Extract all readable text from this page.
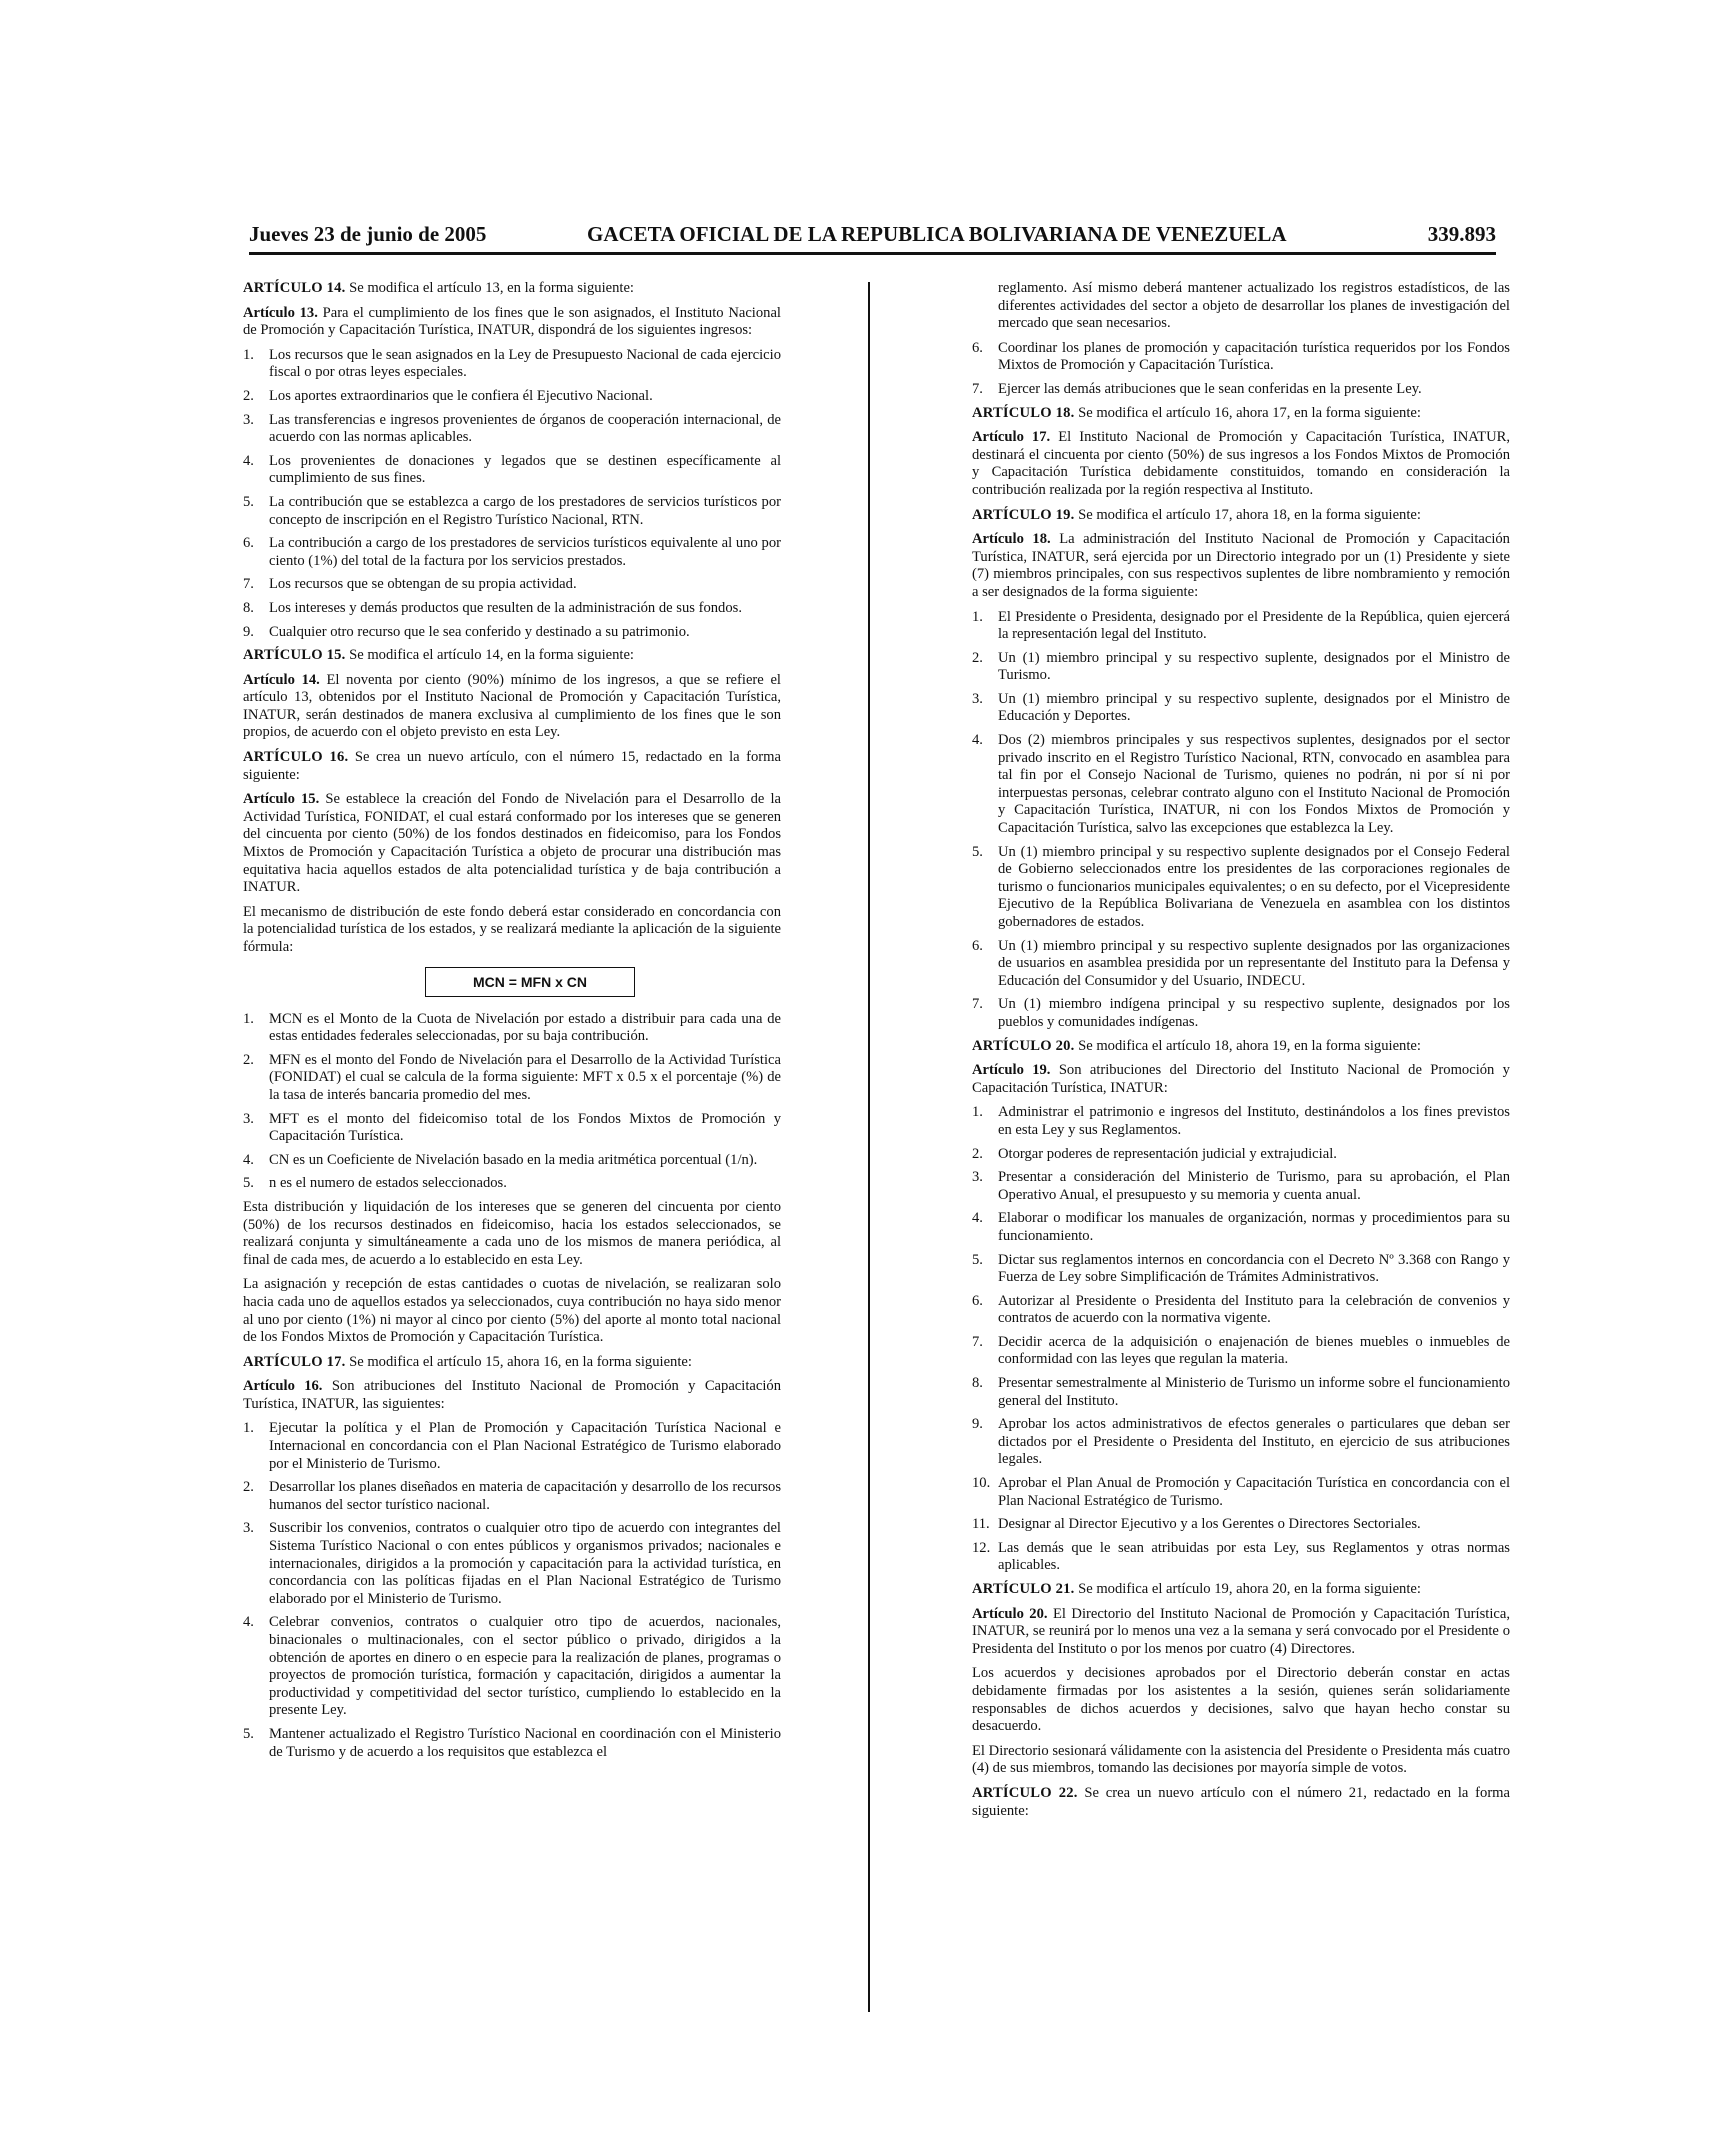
Jueves 23 de junio de 2005	GACETA OFICIAL DE LA REPUBLICA BOLIVARIANA DE VENEZUELA	339.893

ARTÍCULO 14. Se modifica el artículo 13, en la forma siguiente:

Artículo 13. Para el cumplimiento de los fines que le son asignados, el Instituto Nacional de Promoción y Capacitación Turística, INATUR, dispondrá de los siguientes ingresos:

1. Los recursos que le sean asignados en la Ley de Presupuesto Nacional de cada ejercicio fiscal o por otras leyes especiales.
2. Los aportes extraordinarios que le confiera él Ejecutivo Nacional.
3. Las transferencias e ingresos provenientes de órganos de cooperación internacional, de acuerdo con las normas aplicables.
4. Los provenientes de donaciones y legados que se destinen específicamente al cumplimiento de sus fines.
5. La contribución que se establezca a cargo de los prestadores de servicios turísticos por concepto de inscripción en el Registro Turístico Nacional, RTN.
6. La contribución a cargo de los prestadores de servicios turísticos equivalente al uno por ciento (1%) del total de la factura por los servicios prestados.
7. Los recursos que se obtengan de su propia actividad.
8. Los intereses y demás productos que resulten de la administración de sus fondos.
9. Cualquier otro recurso que le sea conferido y destinado a su patrimonio.

ARTÍCULO 15. Se modifica el artículo 14, en la forma siguiente:

Artículo 14. El noventa por ciento (90%) mínimo de los ingresos, a que se refiere el artículo 13, obtenidos por el Instituto Nacional de Promoción y Capacitación Turística, INATUR, serán destinados de manera exclusiva al cumplimiento de los fines que le son propios, de acuerdo con el objeto previsto en esta Ley.

ARTÍCULO 16. Se crea un nuevo artículo, con el número 15, redactado en la forma siguiente:

Artículo 15. Se establece la creación del Fondo de Nivelación para el Desarrollo de la Actividad Turística, FONIDAT, el cual estará conformado por los intereses que se generen del cincuenta por ciento (50%) de los fondos destinados en fideicomiso, para los Fondos Mixtos de Promoción y Capacitación Turística a objeto de procurar una distribución mas equitativa hacia aquellos estados de alta potencialidad turística y de baja contribución a INATUR.

El mecanismo de distribución de este fondo deberá estar considerado en concordancia con la potencialidad turística de los estados, y se realizará mediante la aplicación de la siguiente fórmula:

MCN = MFN x CN
1. MCN es el Monto de la Cuota de Nivelación por estado a distribuir para cada una de estas entidades federales seleccionadas, por su baja contribución.
2. MFN es el monto del Fondo de Nivelación para el Desarrollo de la Actividad Turística (FONIDAT) el cual se calcula de la forma siguiente: MFT x 0.5 x el porcentaje (%) de la tasa de interés bancaria promedio del mes.
3. MFT es el monto del fideicomiso total de los Fondos Mixtos de Promoción y Capacitación Turística.
4. CN es un Coeficiente de Nivelación basado en la media aritmética porcentual (1/n).
5. n es el numero de estados seleccionados.

Esta distribución y liquidación de los intereses que se generen del cincuenta por ciento (50%) de los recursos destinados en fideicomiso, hacia los estados seleccionados, se realizará conjunta y simultáneamente a cada uno de los mismos de manera periódica, al final de cada mes, de acuerdo a lo establecido en esta Ley.

La asignación y recepción de estas cantidades o cuotas de nivelación, se realizaran solo hacia cada uno de aquellos estados ya seleccionados, cuya contribución no haya sido menor al uno por ciento (1%) ni mayor al cinco por ciento (5%) del aporte al monto total nacional de los Fondos Mixtos de Promoción y Capacitación Turística.

ARTÍCULO 17. Se modifica el artículo 15, ahora 16, en la forma siguiente:

Artículo 16. Son atribuciones del Instituto Nacional de Promoción y Capacitación Turística, INATUR, las siguientes:

1. Ejecutar la política y el Plan de Promoción y Capacitación Turística Nacional e Internacional en concordancia con el Plan Nacional Estratégico de Turismo elaborado por el Ministerio de Turismo.
2. Desarrollar los planes diseñados en materia de capacitación y desarrollo de los recursos humanos del sector turístico nacional.
3. Suscribir los convenios, contratos o cualquier otro tipo de acuerdo con integrantes del Sistema Turístico Nacional o con entes públicos y organismos privados; nacionales e internacionales, dirigidos a la promoción y capacitación para la actividad turística, en concordancia con las políticas fijadas en el Plan Nacional Estratégico de Turismo elaborado por el Ministerio de Turismo.
4. Celebrar convenios, contratos o cualquier otro tipo de acuerdos, nacionales, binacionales o multinacionales, con el sector público o privado, dirigidos a la obtención de aportes en dinero o en especie para la realización de planes, programas o proyectos de promoción turística, formación y capacitación, dirigidos a aumentar la productividad y competitividad del sector turístico, cumpliendo lo establecido en la presente Ley.
5. Mantener actualizado el Registro Turístico Nacional en coordinación con el Ministerio de Turismo y de acuerdo a los requisitos que establezca el

reglamento. Así mismo deberá mantener actualizado los registros estadísticos, de las diferentes actividades del sector a objeto de desarrollar los planes de investigación del mercado que sean necesarios.

6. Coordinar los planes de promoción y capacitación turística requeridos por los Fondos Mixtos de Promoción y Capacitación Turística.
7. Ejercer las demás atribuciones que le sean conferidas en la presente Ley.

ARTÍCULO 18. Se modifica el artículo 16, ahora 17, en la forma siguiente:

Artículo 17. El Instituto Nacional de Promoción y Capacitación Turística, INATUR, destinará el cincuenta por ciento (50%) de sus ingresos a los Fondos Mixtos de Promoción y Capacitación Turística debidamente constituidos, tomando en consideración la contribución realizada por la región respectiva al Instituto.

ARTÍCULO 19. Se modifica el artículo 17, ahora 18, en la forma siguiente:

Artículo 18. La administración del Instituto Nacional de Promoción y Capacitación Turística, INATUR, será ejercida por un Directorio integrado por un (1) Presidente y siete (7) miembros principales, con sus respectivos suplentes de libre nombramiento y remoción a ser designados de la forma siguiente:

1. El Presidente o Presidenta, designado por el Presidente de la República, quien ejercerá la representación legal del Instituto.
2. Un (1) miembro principal y su respectivo suplente, designados por el Ministro de Turismo.
3. Un (1) miembro principal y su respectivo suplente, designados por el Ministro de Educación y Deportes.
4. Dos (2) miembros principales y sus respectivos suplentes, designados por el sector privado inscrito en el Registro Turístico Nacional, RTN, convocado en asamblea para tal fin por el Consejo Nacional de Turismo, quienes no podrán, ni por sí ni por interpuestas personas, celebrar contrato alguno con el Instituto Nacional de Promoción y Capacitación Turística, INATUR, ni con los Fondos Mixtos de Promoción y Capacitación Turística, salvo las excepciones que establezca la Ley.
5. Un (1) miembro principal y su respectivo suplente designados por el Consejo Federal de Gobierno seleccionados entre los presidentes de las corporaciones regionales de turismo o funcionarios municipales equivalentes; o en su defecto, por el Vicepresidente Ejecutivo de la República Bolivariana de Venezuela en asamblea con los distintos gobernadores de estados.
6. Un (1) miembro principal y su respectivo suplente designados por las organizaciones de usuarios en asamblea presidida por un representante del Instituto para la Defensa y Educación del Consumidor y del Usuario, INDECU.
7. Un (1) miembro indígena principal y su respectivo suplente, designados por los pueblos y comunidades indígenas.

ARTÍCULO 20. Se modifica el artículo 18, ahora 19, en la forma siguiente:

Artículo 19. Son atribuciones del Directorio del Instituto Nacional de Promoción y Capacitación Turística, INATUR:

1. Administrar el patrimonio e ingresos del Instituto, destinándolos a los fines previstos en esta Ley y sus Reglamentos.
2. Otorgar poderes de representación judicial y extrajudicial.
3. Presentar a consideración del Ministerio de Turismo, para su aprobación, el Plan Operativo Anual, el presupuesto y su memoria y cuenta anual.
4. Elaborar o modificar los manuales de organización, normas y procedimientos para su funcionamiento.
5. Dictar sus reglamentos internos en concordancia con el Decreto Nº 3.368 con Rango y Fuerza de Ley sobre Simplificación de Trámites Administrativos.
6. Autorizar al Presidente o Presidenta del Instituto para la celebración de convenios y contratos de acuerdo con la normativa vigente.
7. Decidir acerca de la adquisición o enajenación de bienes muebles o inmuebles de conformidad con las leyes que regulan la materia.
8. Presentar semestralmente al Ministerio de Turismo un informe sobre el funcionamiento general del Instituto.
9. Aprobar los actos administrativos de efectos generales o particulares que deban ser dictados por el Presidente o Presidenta del Instituto, en ejercicio de sus atribuciones legales.
10. Aprobar el Plan Anual de Promoción y Capacitación Turística en concordancia con el Plan Nacional Estratégico de Turismo.
11. Designar al Director Ejecutivo y a los Gerentes o Directores Sectoriales.
12. Las demás que le sean atribuidas por esta Ley, sus Reglamentos y otras normas aplicables.

ARTÍCULO 21. Se modifica el artículo 19, ahora 20, en la forma siguiente:

Artículo 20. El Directorio del Instituto Nacional de Promoción y Capacitación Turística, INATUR, se reunirá por lo menos una vez a la semana y será convocado por el Presidente o Presidenta del Instituto o por los menos por cuatro (4) Directores.

Los acuerdos y decisiones aprobados por el Directorio deberán constar en actas debidamente firmadas por los asistentes a la sesión, quienes serán solidariamente responsables de dichos acuerdos y decisiones, salvo que hayan hecho constar su desacuerdo.

El Directorio sesionará válidamente con la asistencia del Presidente o Presidenta más cuatro (4) de sus miembros, tomando las decisiones por mayoría simple de votos.

ARTÍCULO 22. Se crea un nuevo artículo con el número 21, redactado en la forma siguiente:
